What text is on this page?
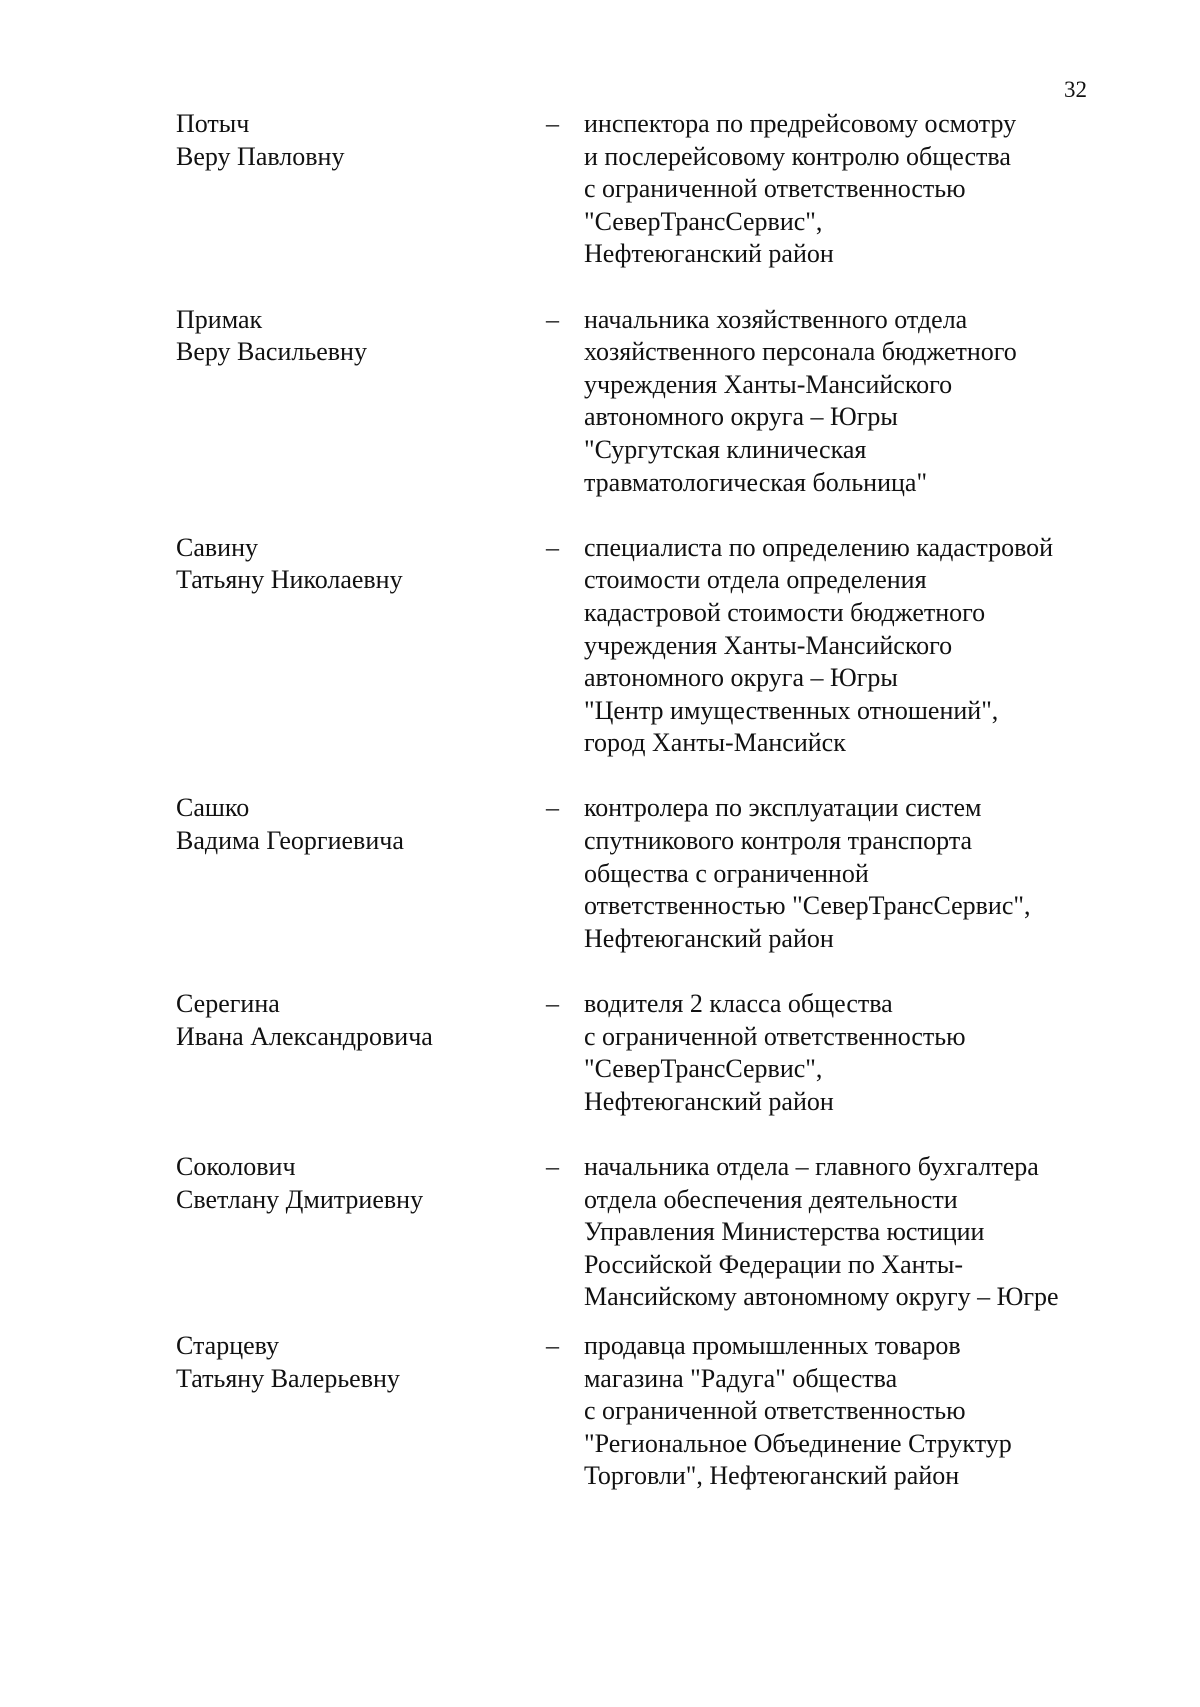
32
Потыч
Веру Павловну
– инспектора по предрейсовому осмотру
и послерейсовому контролю общества
с ограниченной ответственностью
"СеверТрансСервис",
Нефтеюганский район
Примак
Веру Васильевну
– начальника хозяйственного отдела
хозяйственного персонала бюджетного
учреждения Ханты-Мансийского
автономного округа – Югры
"Сургутская клиническая
травматологическая больница"
Савину
Татьяну Николаевну
– специалиста по определению кадастровой
стоимости отдела определения
кадастровой стоимости бюджетного
учреждения Ханты-Мансийского
автономного округа – Югры
"Центр имущественных отношений",
город Ханты-Мансийск
Сашко
Вадима Георгиевича
– контролера по эксплуатации систем
спутникового контроля транспорта
общества с ограниченной
ответственностью "СеверТрансСервис",
Нефтеюганский район
Серегина
Ивана Александровича
– водителя 2 класса общества
с ограниченной ответственностью
"СеверТрансСервис",
Нефтеюганский район
Соколович
Светлану Дмитриевну
– начальника отдела – главного бухгалтера
отдела обеспечения деятельности
Управления Министерства юстиции
Российской Федерации по Ханты-
Мансийскому автономному округу – Югре
Старцеву
Татьяну Валерьевну
– продавца промышленных товаров
магазина "Радуга" общества
с ограниченной ответственностью
"Региональное Объединение Структур
Торговли", Нефтеюганский район
